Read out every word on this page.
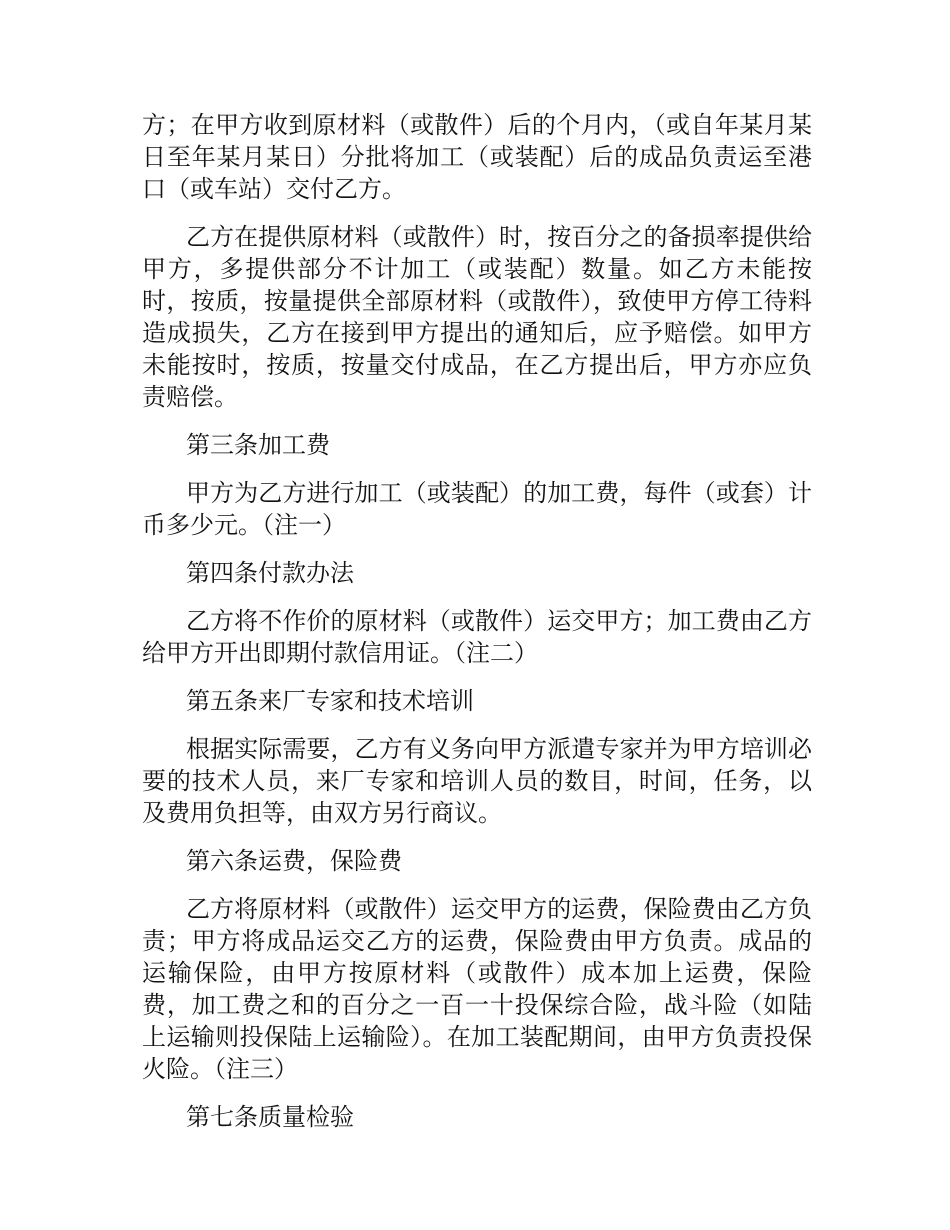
方；在甲方收到原材料（或散件）后的个月内，（或自年某月某日至年某月某日）分批将加工（或装配）后的成品负责运至港口（或车站）交付乙方。

乙方在提供原材料（或散件）时，按百分之的备损率提供给甲方，多提供部分不计加工（或装配）数量。如乙方未能按时，按质，按量提供全部原材料（或散件），致使甲方停工待料造成损失，乙方在接到甲方提出的通知后，应予赔偿。如甲方未能按时，按质，按量交付成品，在乙方提出后，甲方亦应负责赔偿。

第三条加工费

甲方为乙方进行加工（或装配）的加工费，每件（或套）计币多少元。（注一）

第四条付款办法

乙方将不作价的原材料（或散件）运交甲方；加工费由乙方给甲方开出即期付款信用证。（注二）

第五条来厂专家和技术培训

根据实际需要，乙方有义务向甲方派遣专家并为甲方培训必要的技术人员，来厂专家和培训人员的数目，时间，任务，以及费用负担等，由双方另行商议。

第六条运费，保险费

乙方将原材料（或散件）运交甲方的运费，保险费由乙方负责；甲方将成品运交乙方的运费，保险费由甲方负责。成品的运输保险，由甲方按原材料（或散件）成本加上运费，保险费，加工费之和的百分之一百一十投保综合险，战斗险（如陆上运输则投保陆上运输险）。在加工装配期间，由甲方负责投保火险。（注三）

第七条质量检验
